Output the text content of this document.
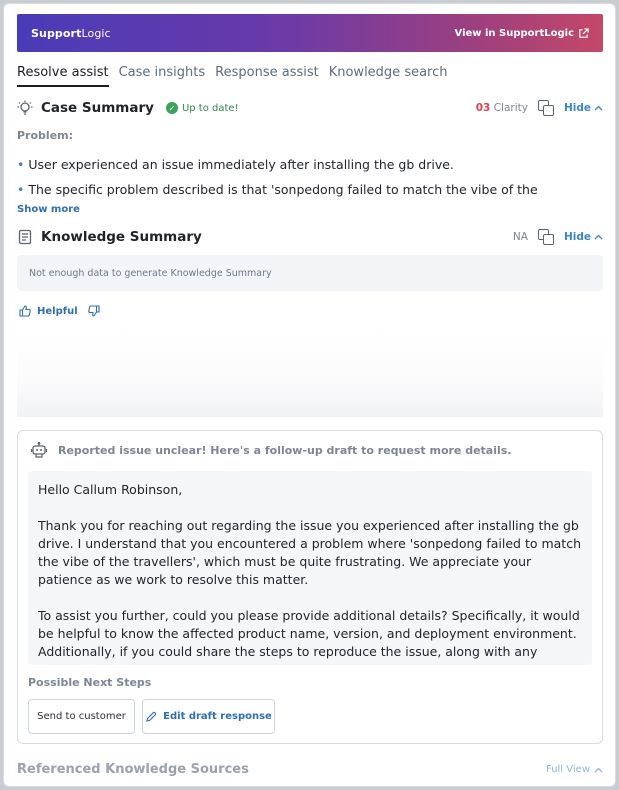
SupportLogic	View in SupportLogic
Resolve assist Case insights Response assist Knowledge search
Case Summary	✓ Up to date!	03 Clarity	Hide
Problem:
• User experienced an issue immediately after installing the gb drive.
• The specific problem described is that 'sonpedong failed to match the vibe of the
Show more
Knowledge Summary	NA	Hide
Not enough data to generate Knowledge Summary
Helpful
Reported issue unclear! Here's a follow-up draft to request more details.

Hello Callum Robinson,

Thank you for reaching out regarding the issue you experienced after installing the gb drive. I understand that you encountered a problem where 'sonpedong failed to match the vibe of the travellers', which must be quite frustrating. We appreciate your patience as we work to resolve this matter.

To assist you further, could you please provide additional details? Specifically, it would be helpful to know the affected product name, version, and deployment environment. Additionally, if you could share the steps to reproduce the issue, along with any

Possible Next Steps
Send to customer	Edit draft response
Referenced Knowledge Sources	Full View
